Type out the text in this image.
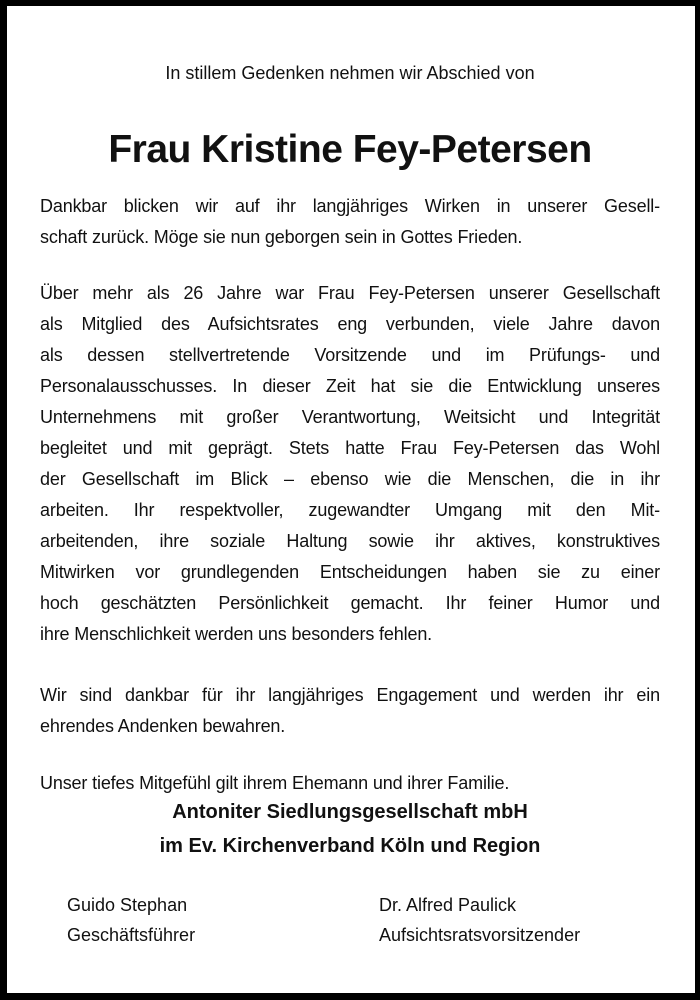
In stillem Gedenken nehmen wir Abschied von
Frau Kristine Fey-Petersen
Dankbar blicken wir auf ihr langjähriges Wirken in unserer Gesell-
schaft zurück. Möge sie nun geborgen sein in Gottes Frieden.
Über mehr als 26 Jahre war Frau Fey-Petersen unserer Gesellschaft
als Mitglied des Aufsichtsrates eng verbunden, viele Jahre davon
als dessen stellvertretende Vorsitzende und im Prüfungs- und
Personalausschusses. In dieser Zeit hat sie die Entwicklung unseres
Unternehmens mit großer Verantwortung, Weitsicht und Integrität
begleitet und mit geprägt. Stets hatte Frau Fey-Petersen das Wohl
der Gesellschaft im Blick – ebenso wie die Menschen, die in ihr
arbeiten. Ihr respektvoller, zugewandter Umgang mit den Mit-
arbeitenden, ihre soziale Haltung sowie ihr aktives, konstruktives
Mitwirken vor grundlegenden Entscheidungen haben sie zu einer
hoch geschätzten Persönlichkeit gemacht. Ihr feiner Humor und
ihre Menschlichkeit werden uns besonders fehlen.
Wir sind dankbar für ihr langjähriges Engagement und werden ihr ein
ehrendes Andenken bewahren.
Unser tiefes Mitgefühl gilt ihrem Ehemann und ihrer Familie.
Antoniter Siedlungsgesellschaft mbH
im Ev. Kirchenverband Köln und Region
Guido Stephan
Geschäftsführer
Dr. Alfred Paulick
Aufsichtsratsvorsitzender
